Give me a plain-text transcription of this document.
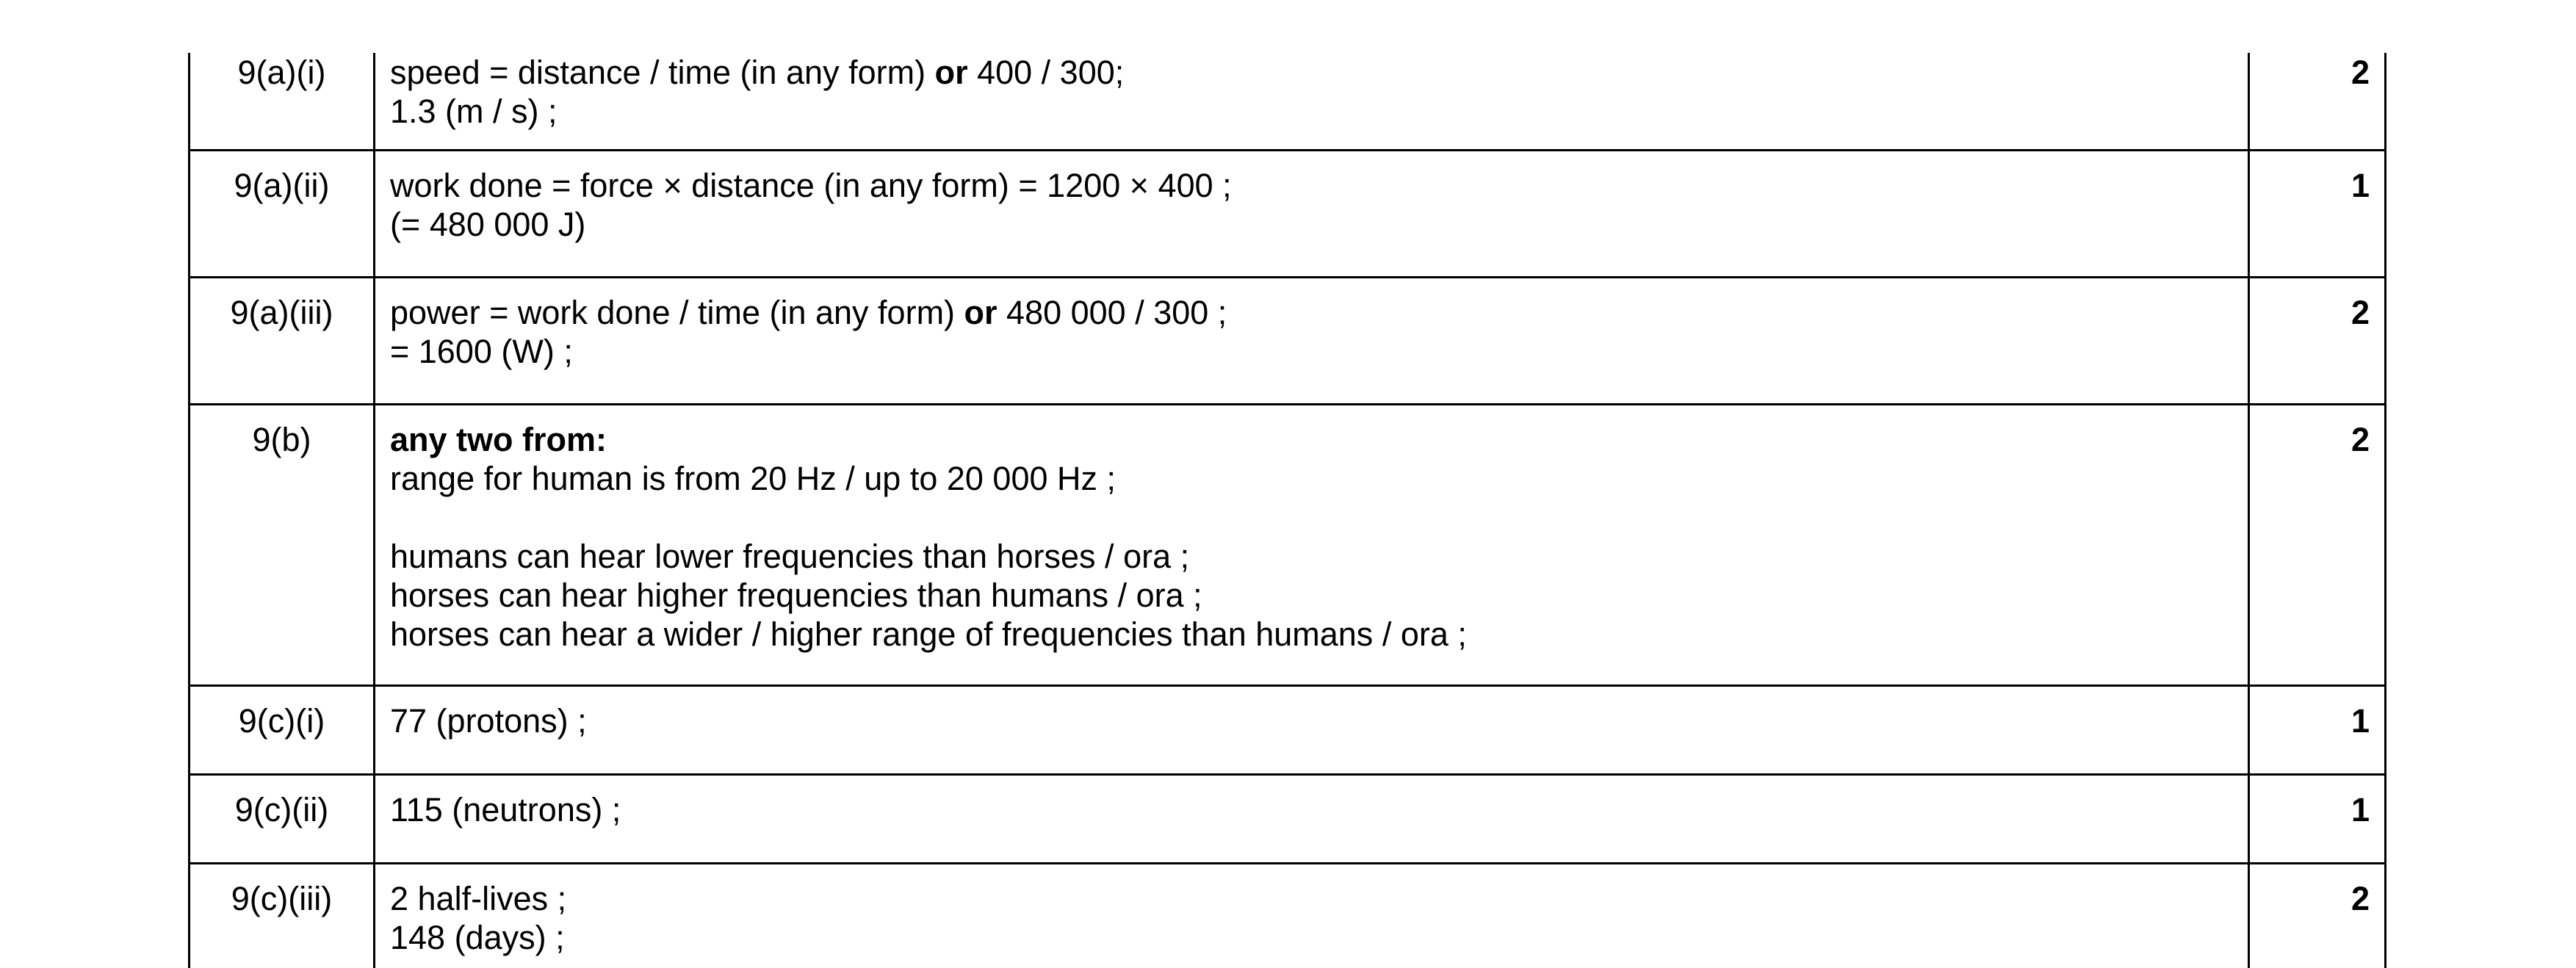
9(a)(i)	speed = distance / time (in any form) or 400 / 300;
1.3 (m / s) ;	2
9(a)(ii)	work done = force × distance (in any form) = 1200 × 400 ;
(= 480 000 J)	1
9(a)(iii)	power = work done / time (in any form) or 480 000 / 300 ;
= 1600 (W) ;	2
9(b)	any two from:
range for human is from 20 Hz / up to 20 000 Hz ;
humans can hear lower frequencies than horses / ora ;
horses can hear higher frequencies than humans / ora ;
horses can hear a wider / higher range of frequencies than humans / ora ;	2
9(c)(i)	77 (protons) ;	1
9(c)(ii)	115 (neutrons) ;	1
9(c)(iii)	2 half-lives ;
148 (days) ;	2
